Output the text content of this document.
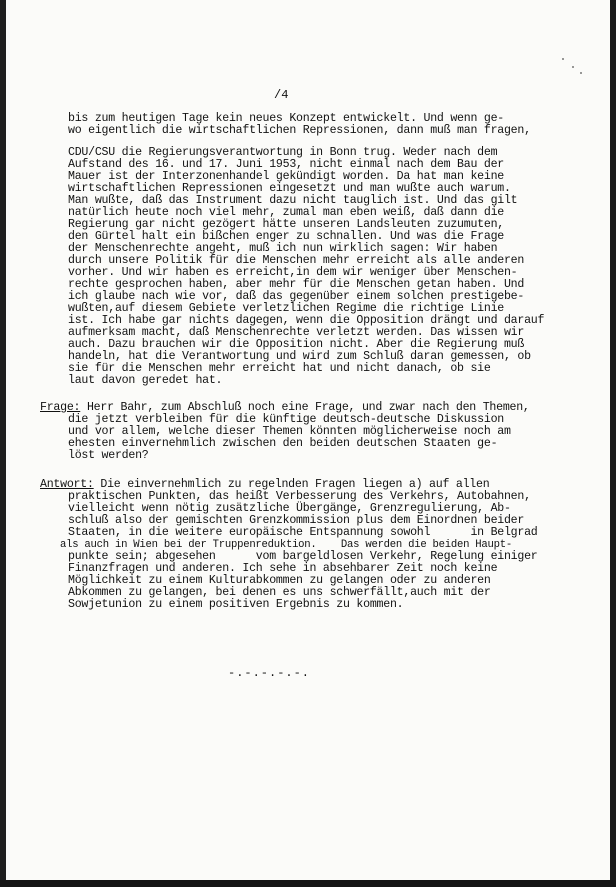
/4
bis zum heutigen Tage kein neues Konzept entwickelt. Und wenn ge-
wo eigentlich die wirtschaftlichen Repressionen, dann muß man fragen,
CDU/CSU die Regierungsverantwortung in Bonn trug. Weder nach dem
Aufstand des 16. und 17. Juni 1953, nicht einmal nach dem Bau der
Mauer ist der Interzonenhandel gekündigt worden. Da hat man keine
wirtschaftlichen Repressionen eingesetzt und man wußte auch warum.
Man wußte, daß das Instrument dazu nicht tauglich ist. Und das gilt
natürlich heute noch viel mehr, zumal man eben weiß, daß dann die
Regierung gar nicht gezögert hätte unseren Landsleuten zuzumuten,
den Gürtel halt ein bißchen enger zu schnallen. Und was die Frage
der Menschenrechte angeht, muß ich nun wirklich sagen: Wir haben
durch unsere Politik für die Menschen mehr erreicht als alle anderen
vorher. Und wir haben es erreicht,in dem wir weniger über Menschen-
rechte gesprochen haben, aber mehr für die Menschen getan haben. Und
ich glaube nach wie vor, daß das gegenüber einem solchen prestigebe-
wußten,auf diesem Gebiete verletzlichen Regime die richtige Linie
ist. Ich habe gar nichts dagegen, wenn die Opposition drängt und darauf
aufmerksam macht, daß Menschenrechte verletzt werden. Das wissen wir
auch. Dazu brauchen wir die Opposition nicht. Aber die Regierung muß
handeln, hat die Verantwortung und wird zum Schluß daran gemessen, ob
sie für die Menschen mehr erreicht hat und nicht danach, ob sie
laut davon geredet hat.
Frage: Herr Bahr, zum Abschluß noch eine Frage, und zwar nach den Themen,
die jetzt verbleiben für die künftige deutsch-deutsche Diskussion
und vor allem, welche dieser Themen könnten möglicherweise noch am
ehesten einvernehmlich zwischen den beiden deutschen Staaten ge-
löst werden?
Antwort: Die einvernehmlich zu regelnden Fragen liegen a) auf allen
praktischen Punkten, das heißt Verbesserung des Verkehrs, Autobahnen,
vielleicht wenn nötig zusätzliche Übergänge, Grenzregulierung, Ab-
schluß also der gemischten Grenzkommission plus dem Einordnen beider
Staaten, in die weitere europäische Entspannung sowohl      in Belgrad
als auch in Wien bei der Truppenreduktion.    Das werden die beiden Haupt-
punkte sein; abgesehen      vom bargeldlosen Verkehr, Regelung einiger
Finanzfragen und anderen. Ich sehe in absehbarer Zeit noch keine
Möglichkeit zu einem Kulturabkommen zu gelangen oder zu anderen
Abkommen zu gelangen, bei denen es uns schwerfällt,auch mit der
Sowjetunion zu einem positiven Ergebnis zu kommen.
-.-.-.-.-.
